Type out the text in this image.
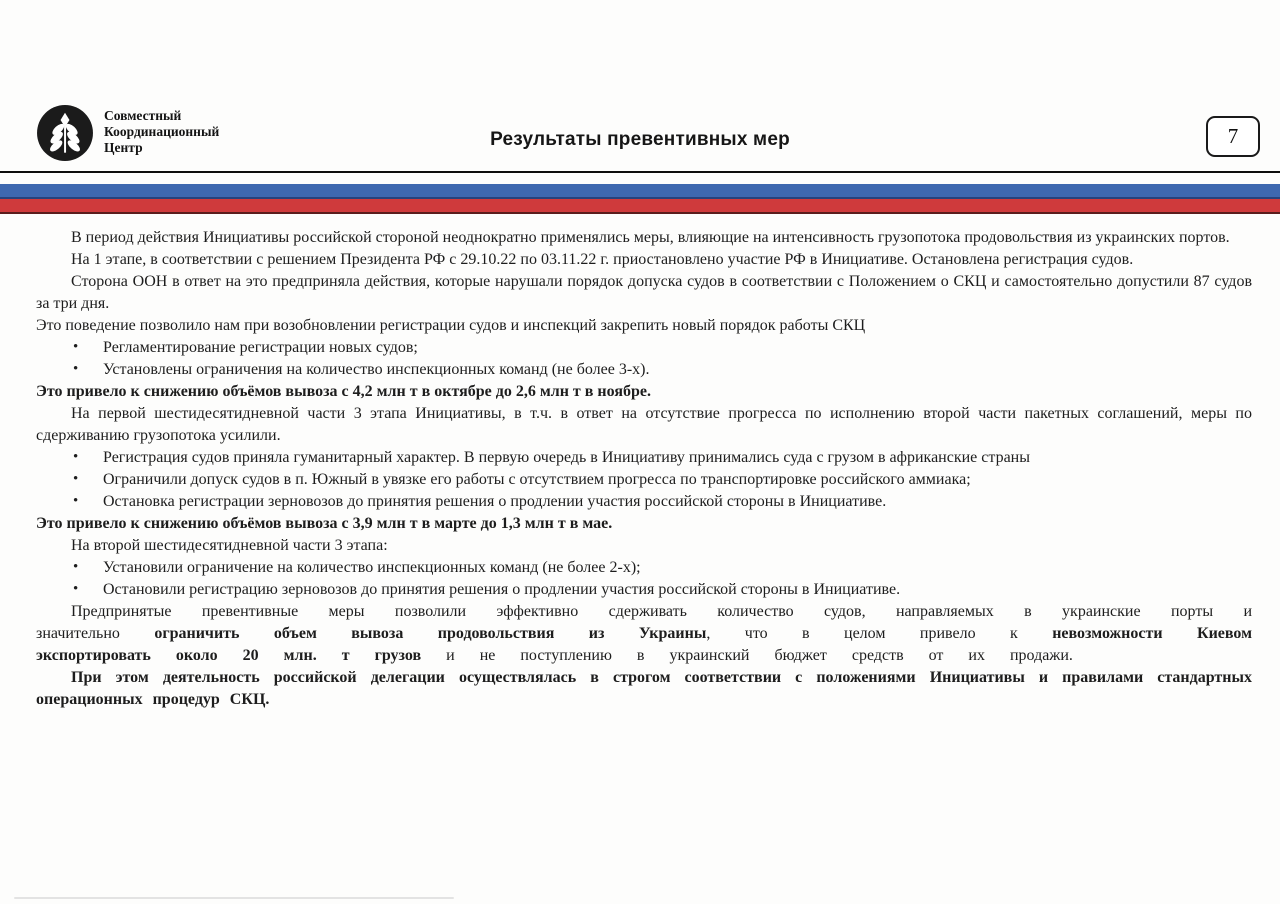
Совместный
Координационный
Центр	Результаты превентивных мер	7
В период действия Инициативы российской стороной неоднократно применялись меры, влияющие на интенсивность грузопотока продовольствия из украинских портов.
На 1 этапе, в соответствии с решением Президента РФ с 29.10.22 по 03.11.22 г. приостановлено участие РФ в Инициативе. Остановлена регистрация судов.
Сторона ООН в ответ на это предприняла действия, которые нарушали порядок допуска судов в соответствии с Положением о СКЦ и самостоятельно допустили 87 судов за три дня.
Это поведение позволило нам при возобновлении регистрации судов и инспекций закрепить новый порядок работы СКЦ
• Регламентирование регистрации новых судов;
• Установлены ограничения на количество инспекционных команд (не более 3-х).
Это привело к снижению объёмов вывоза с 4,2 млн т в октябре до 2,6 млн т в ноябре.
На первой шестидесятидневной части 3 этапа Инициативы, в т.ч. в ответ на отсутствие прогресса по исполнению второй части пакетных соглашений, меры по сдерживанию грузопотока усилили.
• Регистрация судов приняла гуманитарный характер. В первую очередь в Инициативу принимались суда с грузом в африканские страны
• Ограничили допуск судов в п. Южный в увязке его работы с отсутствием прогресса по транспортировке российского аммиака;
• Остановка регистрации зерновозов до принятия решения о продлении участия российской стороны в Инициативе.
Это привело к снижению объёмов вывоза с 3,9 млн т в марте до 1,3 млн т в мае.
На второй шестидесятидневной части 3 этапа:
• Установили ограничение на количество инспекционных команд (не более 2-х);
• Остановили регистрацию зерновозов до принятия решения о продлении участия российской стороны в Инициативе.
Предпринятые превентивные меры позволили эффективно сдерживать количество судов, направляемых в украинские порты и значительно ограничить объем вывоза продовольствия из Украины, что в целом привело к невозможности Киевом экспортировать около 20 млн. т грузов и не поступлению в украинский бюджет средств от их продажи.
При этом деятельность российской делегации осуществлялась в строгом соответствии с положениями Инициативы и правилами стандартных операционных процедур СКЦ.
